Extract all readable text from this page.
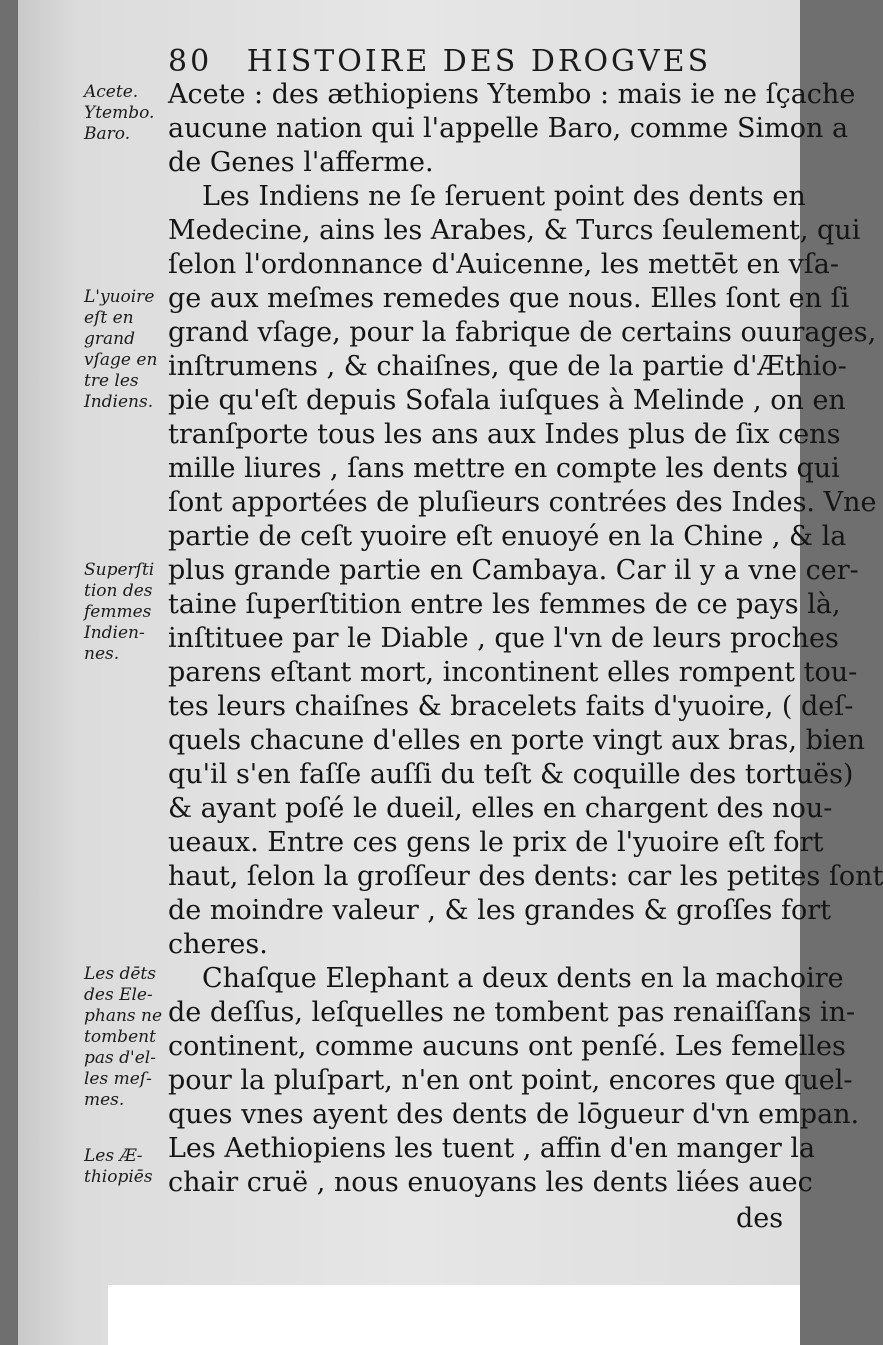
80 HISTOIRE DES DROGVES
Acete.
Ytembo.
Baro.
L'yuoire
eſt en
grand
vſage en
tre les
Indiens.
Superſti
tion des
femmes
Indien-
nes.
Les dēts
des Ele-
phans ne
tombent
pas d'el-
les meſ-
mes.
Les Æ-
thiopiēs
Acete : des æthiopiens Ytembo : mais ie ne ſçache
aucune nation qui l'appelle Baro, comme Simon a
de Genes l'afferme.
Les Indiens ne ſe ſeruent point des dents en
Medecine, ains les Arabes, & Turcs ſeulement, qui
ſelon l'ordonnance d'Auicenne, les mettēt en vſa-
ge aux meſmes remedes que nous. Elles ſont en ſi
grand vſage, pour la fabrique de certains ouurages,
inſtrumens , & chaiſnes, que de la partie d'Æthio-
pie qu'eſt depuis Sofala iuſques à Melinde , on en
tranſporte tous les ans aux Indes plus de ſix cens
mille liures , ſans mettre en compte les dents qui
ſont apportées de pluſieurs contrées des Indes. Vne
partie de ceſt yuoire eſt enuoyé en la Chine , & la
plus grande partie en Cambaya. Car il y a vne cer-
taine ſuperſtition entre les femmes de ce pays là,
inſtituee par le Diable , que l'vn de leurs proches
parens eſtant mort, incontinent elles rompent tou-
tes leurs chaiſnes & bracelets faits d'yuoire, ( deſ-
quels chacune d'elles en porte vingt aux bras, bien
qu'il s'en faſſe auſſi du teſt & coquille des tortuës)
& ayant poſé le dueil, elles en chargent des nou-
ueaux. Entre ces gens le prix de l'yuoire eſt fort
haut, ſelon la groſſeur des dents: car les petites ſont
de moindre valeur , & les grandes & groſſes fort
cheres.
Chaſque Elephant a deux dents en la machoire
de deſſus, leſquelles ne tombent pas renaiſſans in-
continent, comme aucuns ont penſé. Les femelles
pour la pluſpart, n'en ont point, encores que quel-
ques vnes ayent des dents de lōgueur d'vn empan.
Les Aethiopiens les tuent , affin d'en manger la
chair cruë , nous enuoyans les dents liées auec
des
